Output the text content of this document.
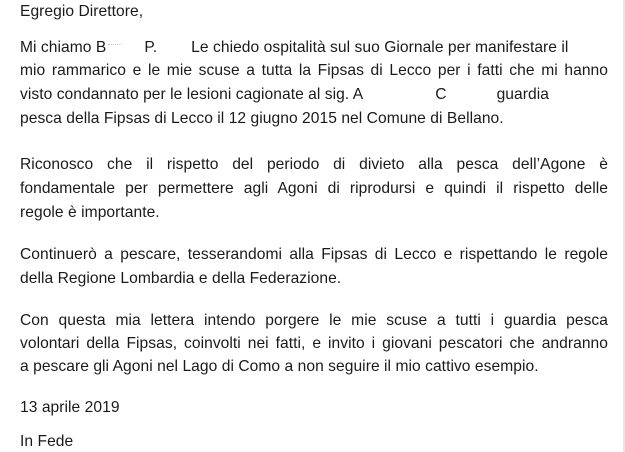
Egregio Direttore,
Mi chiamo B P. Le chiedo ospitalità sul suo Giornale per manifestare il
mio rammarico e le mie scuse a tutta la Fipsas di Lecco per i fatti che mi hanno
visto condannato per le lesioni cagionate al sig. A	C	guardia
pesca della Fipsas di Lecco il 12 giugno 2015 nel Comune di Bellano.
Riconosco che il rispetto del periodo di divieto alla pesca dell’Agone è
fondamentale per permettere agli Agoni di riprodursi e quindi il rispetto delle
regole è importante.
Continuerò a pescare, tesserandomi alla Fipsas di Lecco e rispettando le regole
della Regione Lombardia e della Federazione.
Con questa mia lettera intendo porgere le mie scuse a tutti i guardia pesca
volontari della Fipsas, coinvolti nei fatti, e invito i giovani pescatori che andranno
a pescare gli Agoni nel Lago di Como a non seguire il mio cattivo esempio.
13 aprile 2019
In Fede
